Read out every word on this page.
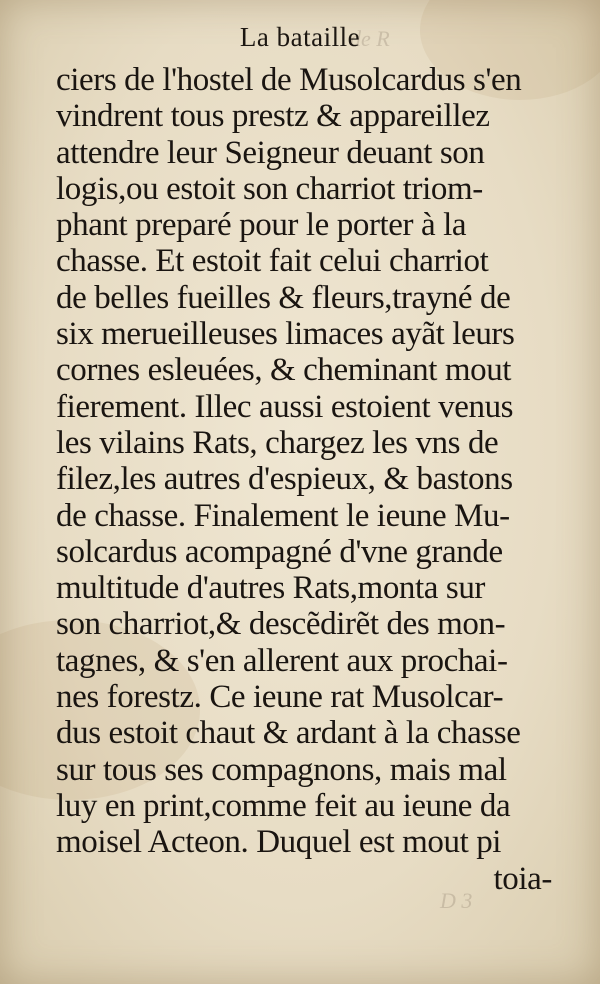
de R
D 3
La bataille
ciers de l'hostel de Musolcardus s'en
vindrent tous prestz & appareillez
attendre leur Seigneur deuant son
logis,ou estoit son charriot triom-
phant preparé pour le porter à la
chasse. Et estoit fait celui charriot
de belles fueilles & fleurs,trayné de
six merueilleuses limaces ayãt leurs
cornes esleuées, & cheminant mout
fierement. Illec aussi estoient venus
les vilains Rats, chargez les vns de
filez,les autres d'espieux, & bastons
de chasse. Finalement le ieune Mu-
solcardus acompagné d'vne grande
multitude d'autres Rats,monta sur
son charriot,& descẽdirẽt des mon-
tagnes, & s'en allerent aux prochai-
nes forestz. Ce ieune rat Musolcar-
dus estoit chaut & ardant à la chasse
sur tous ses compagnons, mais mal
luy en print,comme feit au ieune da
moisel Acteon. Duquel est mout pi
toia-
